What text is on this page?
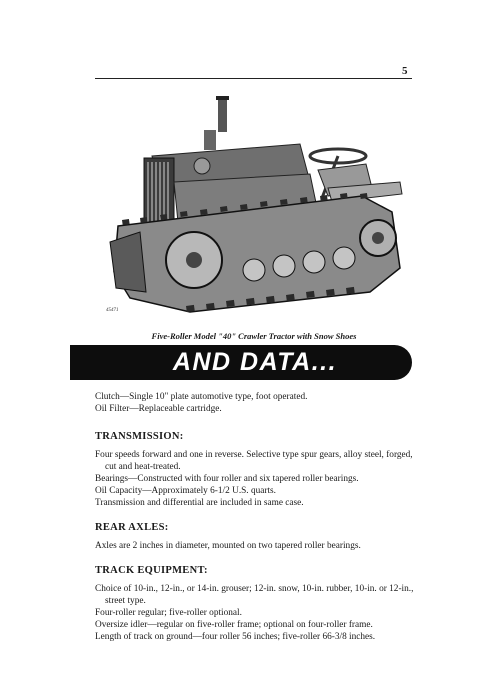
5
45471
Five-Roller Model "40" Crawler Tractor with Snow Shoes
AND DATA...

Clutch—Single 10" plate automotive type, foot operated.

Oil Filter—Replaceable cartridge.

TRANSMISSION:

Four speeds forward and one in reverse. Selective type spur gears, alloy steel, forged, cut and heat-treated.

Bearings—Constructed with four roller and six tapered roller bearings.

Oil Capacity—Approximately 6-1/2 U.S. quarts.

Transmission and differential are included in same case.

REAR AXLES:

Axles are 2 inches in diameter, mounted on two tapered roller bearings.

TRACK EQUIPMENT:

Choice of 10-in., 12-in., or 14-in. grouser; 12-in. snow, 10-in. rubber, 10-in. or 12-in., street type.

Four-roller regular; five-roller optional.

Oversize idler—regular on five-roller frame; optional on four-roller frame.

Length of track on ground—four roller 56 inches; five-roller 66-3/8 inches.
